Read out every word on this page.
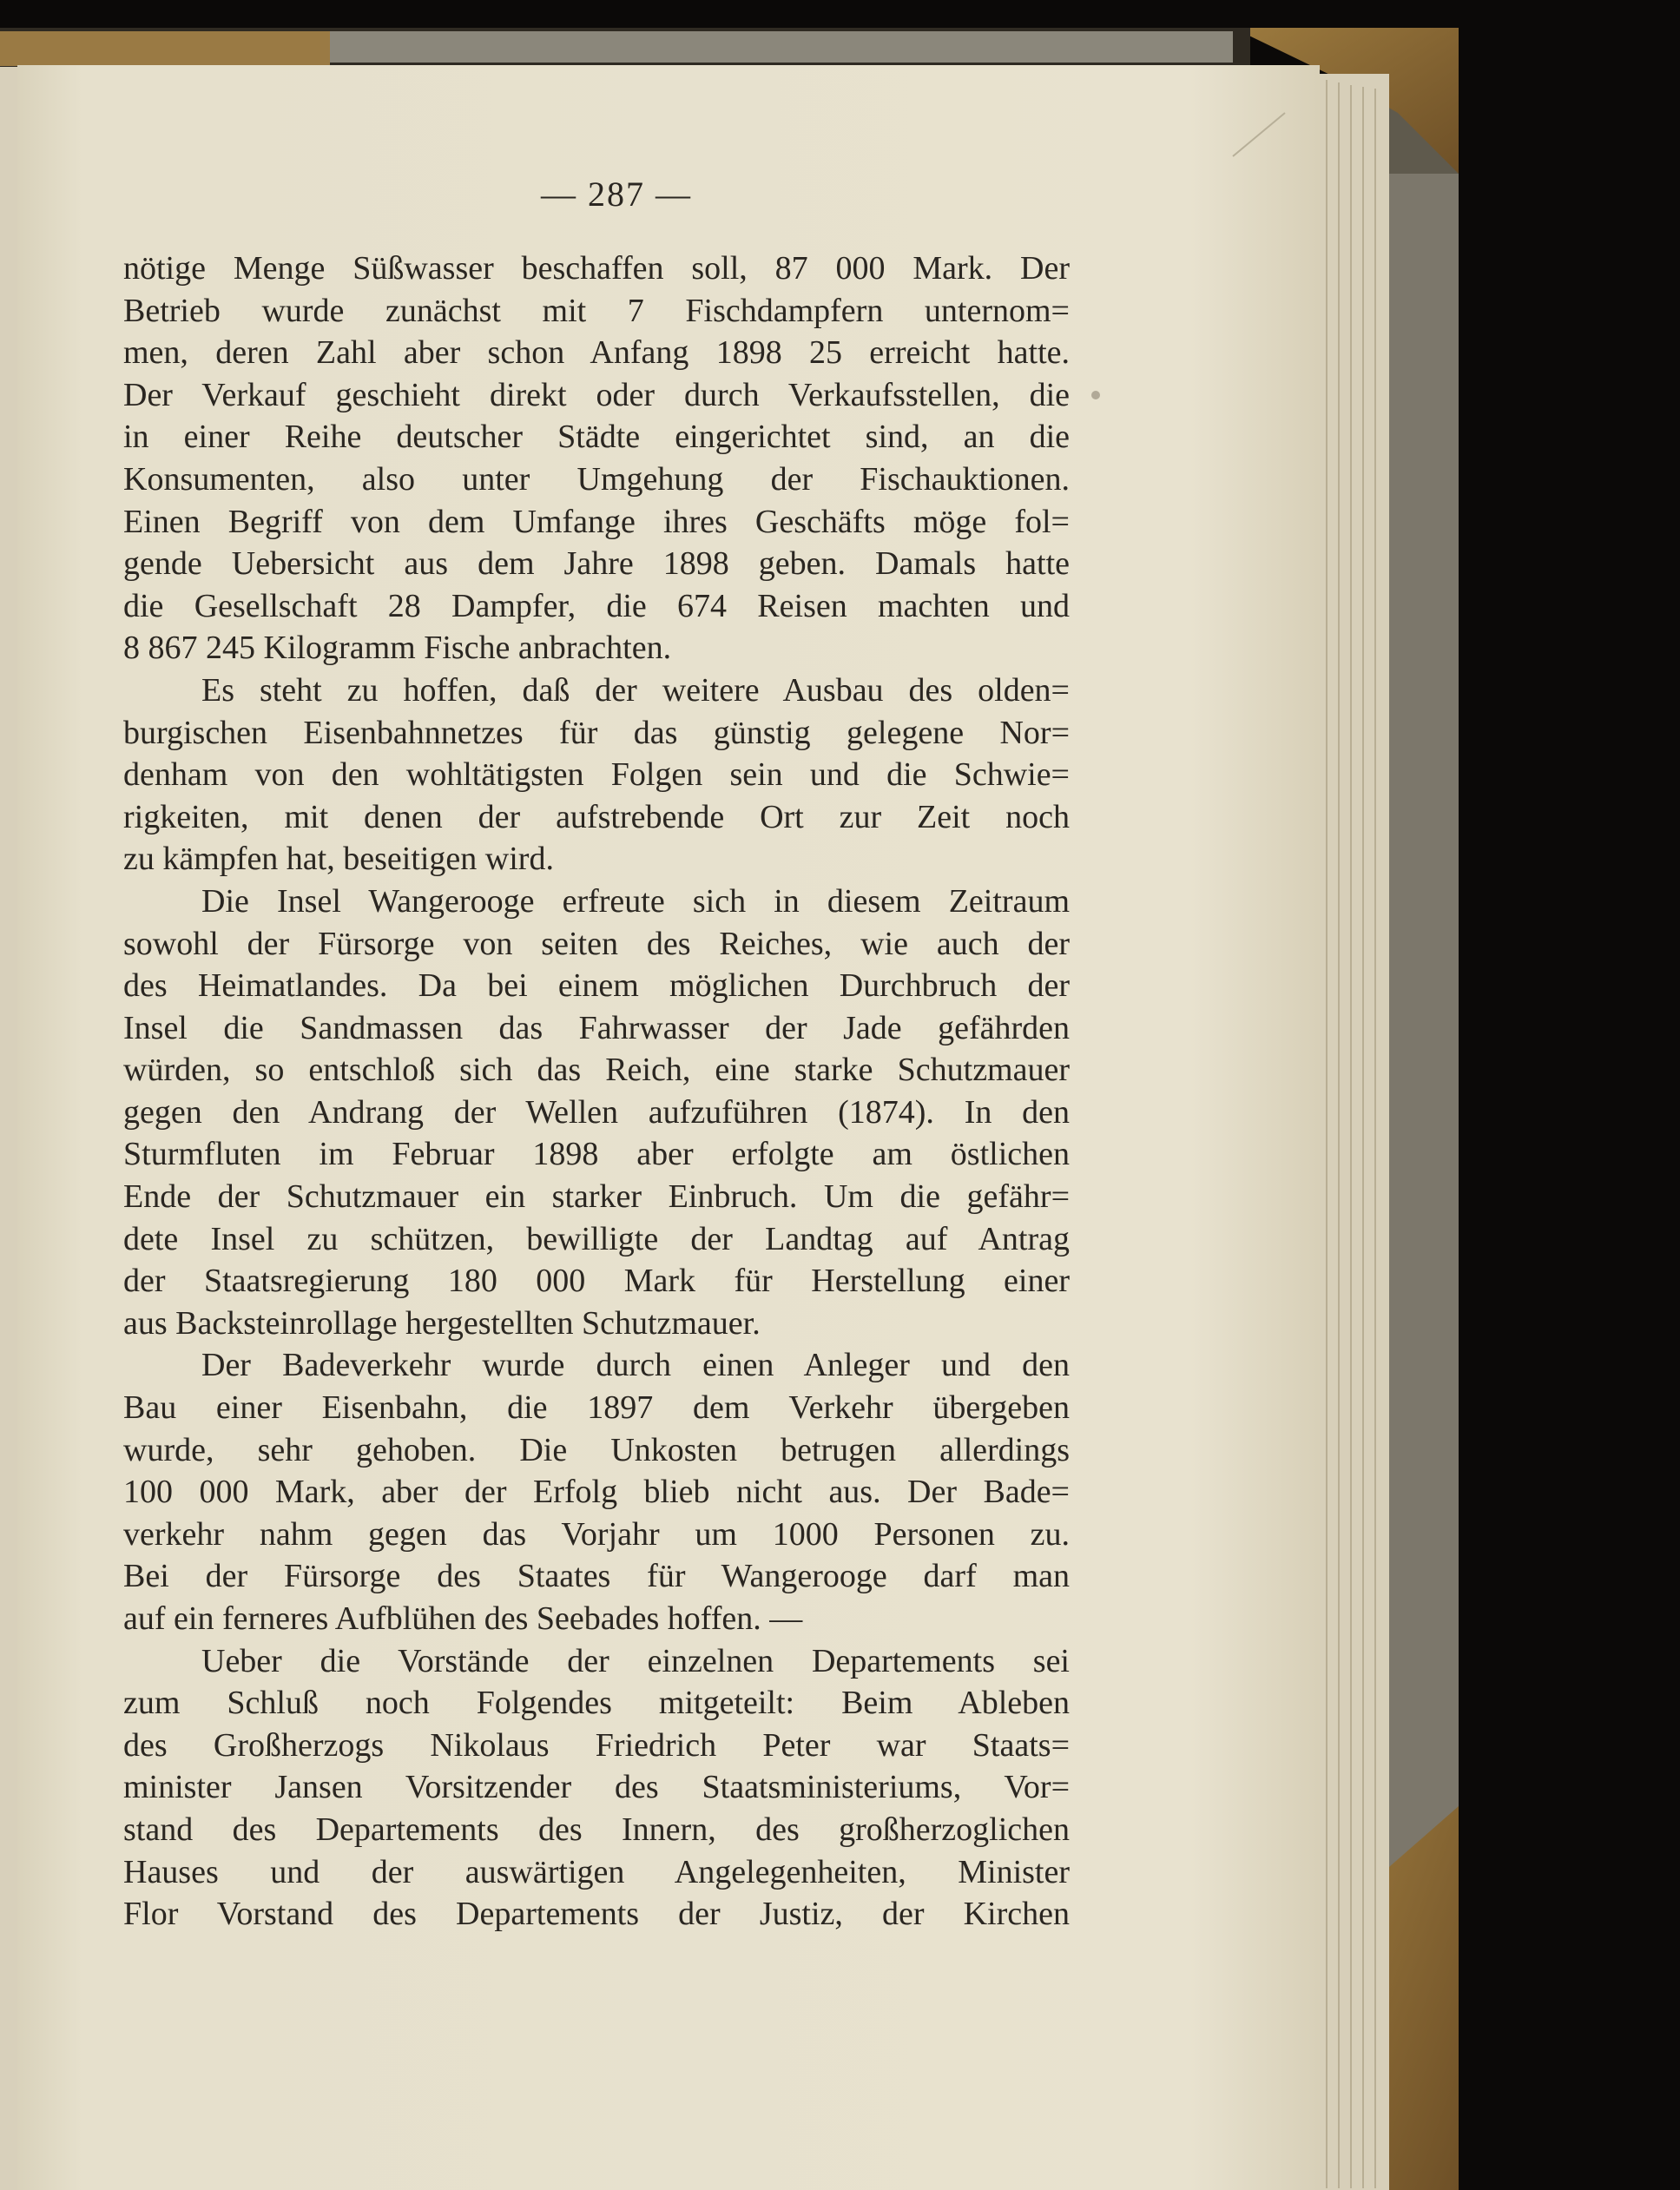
— 287 —
nötige Menge Süßwasser beschaffen soll, 87 000 Mark. Der
Betrieb wurde zunächst mit 7 Fischdampfern unternom=
men, deren Zahl aber schon Anfang 1898 25 erreicht hatte.
Der Verkauf geschieht direkt oder durch Verkaufsstellen, die
in einer Reihe deutscher Städte eingerichtet sind, an die
Konsumenten, also unter Umgehung der Fischauktionen.
Einen Begriff von dem Umfange ihres Geschäfts möge fol=
gende Uebersicht aus dem Jahre 1898 geben. Damals hatte
die Gesellschaft 28 Dampfer, die 674 Reisen machten und
8 867 245 Kilogramm Fische anbrachten.
Es steht zu hoffen, daß der weitere Ausbau des olden=
burgischen Eisenbahnnetzes für das günstig gelegene Nor=
denham von den wohltätigsten Folgen sein und die Schwie=
rigkeiten, mit denen der aufstrebende Ort zur Zeit noch
zu kämpfen hat, beseitigen wird.
Die Insel Wangerooge erfreute sich in diesem Zeitraum
sowohl der Fürsorge von seiten des Reiches, wie auch der
des Heimatlandes. Da bei einem möglichen Durchbruch der
Insel die Sandmassen das Fahrwasser der Jade gefährden
würden, so entschloß sich das Reich, eine starke Schutzmauer
gegen den Andrang der Wellen aufzuführen (1874). In den
Sturmfluten im Februar 1898 aber erfolgte am östlichen
Ende der Schutzmauer ein starker Einbruch. Um die gefähr=
dete Insel zu schützen, bewilligte der Landtag auf Antrag
der Staatsregierung 180 000 Mark für Herstellung einer
aus Backsteinrollage hergestellten Schutzmauer.
Der Badeverkehr wurde durch einen Anleger und den
Bau einer Eisenbahn, die 1897 dem Verkehr übergeben
wurde, sehr gehoben. Die Unkosten betrugen allerdings
100 000 Mark, aber der Erfolg blieb nicht aus. Der Bade=
verkehr nahm gegen das Vorjahr um 1000 Personen zu.
Bei der Fürsorge des Staates für Wangerooge darf man
auf ein ferneres Aufblühen des Seebades hoffen. —
Ueber die Vorstände der einzelnen Departements sei
zum Schluß noch Folgendes mitgeteilt: Beim Ableben
des Großherzogs Nikolaus Friedrich Peter war Staats=
minister Jansen Vorsitzender des Staatsministeriums, Vor=
stand des Departements des Innern, des großherzoglichen
Hauses und der auswärtigen Angelegenheiten, Minister
Flor Vorstand des Departements der Justiz, der Kirchen
